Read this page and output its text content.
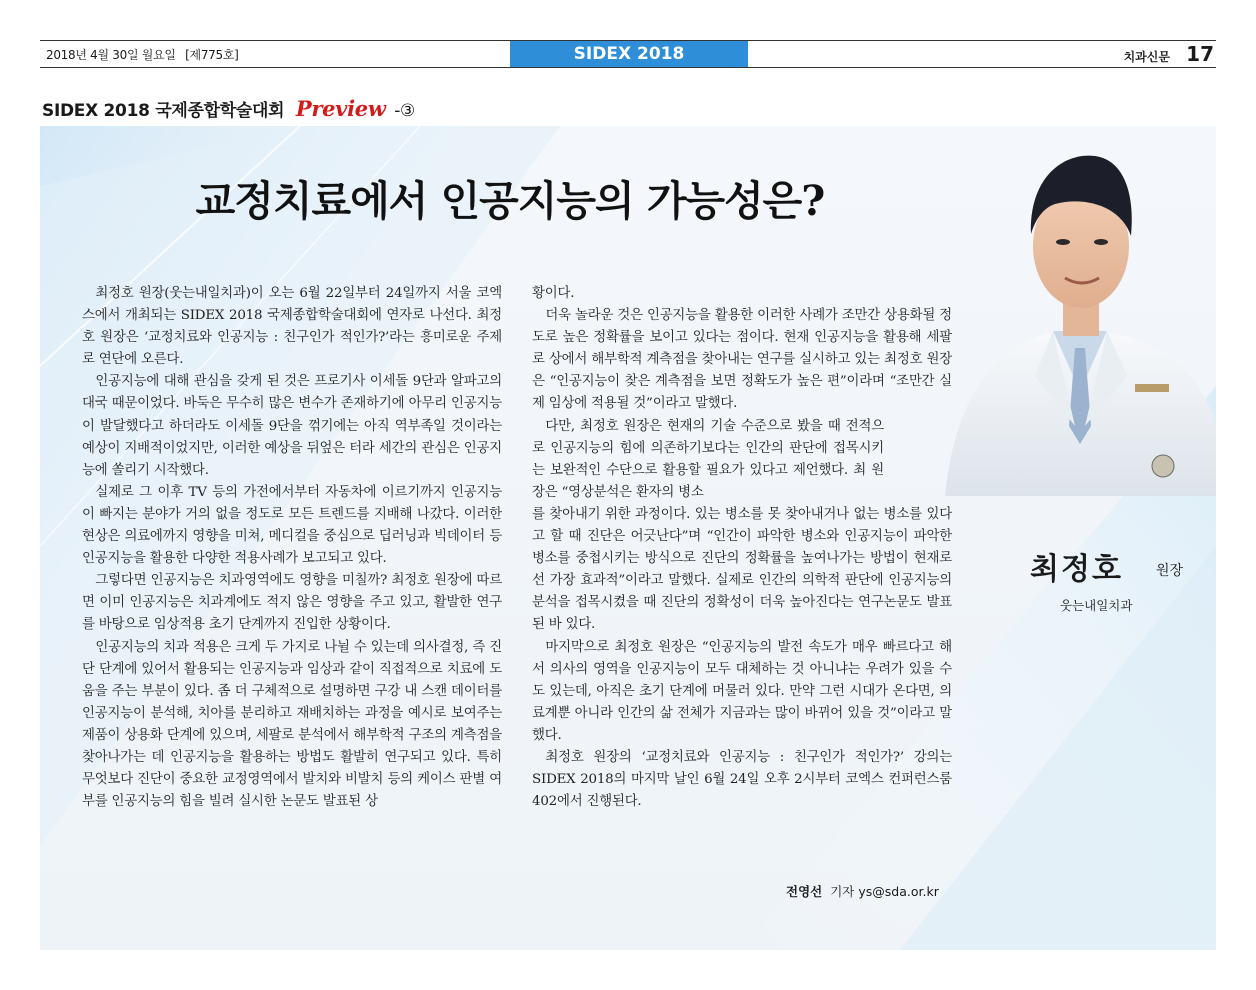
2018년 4월 30일 월요일 [제775호]	SIDEX 2018	치과신문 17
SIDEX 2018 국제종합학술대회 Preview -③
교정치료에서 인공지능의 가능성은?
최정호 원장
웃는내일치과

최정호 원장(웃는내일치과)이 오는 6월 22일부터 24일까지 서울 코엑스에서 개최되는 SIDEX 2018 국제종합학술대회에 연자로 나선다. 최정호 원장은 ‘교정치료와 인공지능 : 친구인가 적인가?’라는 흥미로운 주제로 연단에 오른다.

인공지능에 대해 관심을 갖게 된 것은 프로기사 이세돌 9단과 알파고의 대국 때문이었다. 바둑은 무수히 많은 변수가 존재하기에 아무리 인공지능이 발달했다고 하더라도 이세돌 9단을 꺾기에는 아직 역부족일 것이라는 예상이 지배적이었지만, 이러한 예상을 뒤엎은 터라 세간의 관심은 인공지능에 쏠리기 시작했다.

실제로 그 이후 TV 등의 가전에서부터 자동차에 이르기까지 인공지능이 빠지는 분야가 거의 없을 정도로 모든 트렌드를 지배해 나갔다. 이러한 현상은 의료에까지 영향을 미쳐, 메디컬을 중심으로 딥러닝과 빅데이터 등 인공지능을 활용한 다양한 적용사례가 보고되고 있다.

그렇다면 인공지능은 치과영역에도 영향을 미칠까? 최정호 원장에 따르면 이미 인공지능은 치과계에도 적지 않은 영향을 주고 있고, 활발한 연구를 바탕으로 임상적용 초기 단계까지 진입한 상황이다.

인공지능의 치과 적용은 크게 두 가지로 나뉠 수 있는데 의사결정, 즉 진단 단계에 있어서 활용되는 인공지능과 임상과 같이 직접적으로 치료에 도움을 주는 부분이 있다. 좀 더 구체적으로 설명하면 구강 내 스캔 데이터를 인공지능이 분석해, 치아를 분리하고 재배치하는 과정을 예시로 보여주는 제품이 상용화 단계에 있으며, 세팔로 분석에서 해부학적 구조의 계측점을 찾아나가는 데 인공지능을 활용하는 방법도 활발히 연구되고 있다. 특히 무엇보다 진단이 중요한 교정영역에서 발치와 비발치 등의 케이스 판별 여부를 인공지능의 힘을 빌려 실시한 논문도 발표된 상

황이다.

더욱 놀라운 것은 인공지능을 활용한 이러한 사례가 조만간 상용화될 정도로 높은 정확률을 보이고 있다는 점이다. 현재 인공지능을 활용해 세팔로 상에서 해부학적 계측점을 찾아내는 연구를 실시하고 있는 최정호 원장은 “인공지능이 찾은 계측점을 보면 정확도가 높은 편”이라며 “조만간 실제 임상에 적용될 것”이라고 말했다.

다만, 최정호 원장은 현재의 기술 수준으로 봤을 때 전적으로 인공지능의 힘에 의존하기보다는 인간의 판단에 접목시키는 보완적인 수단으로 활용할 필요가 있다고 제언했다. 최 원장은 “영상분석은 환자의 병소

를 찾아내기 위한 과정이다. 있는 병소를 못 찾아내거나 없는 병소를 있다고 할 때 진단은 어긋난다”며 “인간이 파악한 병소와 인공지능이 파악한 병소를 중첩시키는 방식으로 진단의 정확률을 높여나가는 방법이 현재로선 가장 효과적”이라고 말했다. 실제로 인간의 의학적 판단에 인공지능의 분석을 접목시켰을 때 진단의 정확성이 더욱 높아진다는 연구논문도 발표된 바 있다.

마지막으로 최정호 원장은 “인공지능의 발전 속도가 매우 빠르다고 해서 의사의 영역을 인공지능이 모두 대체하는 것 아니냐는 우려가 있을 수도 있는데, 아직은 초기 단계에 머물러 있다. 만약 그런 시대가 온다면, 의료계뿐 아니라 인간의 삶 전체가 지금과는 많이 바뀌어 있을 것”이라고 말했다.

최정호 원장의 ‘교정치료와 인공지능 : 친구인가 적인가?’ 강의는 SIDEX 2018의 마지막 날인 6월 24일 오후 2시부터 코엑스 컨퍼런스룸 402에서 진행된다.

전영선 기자 ys@sda.or.kr
